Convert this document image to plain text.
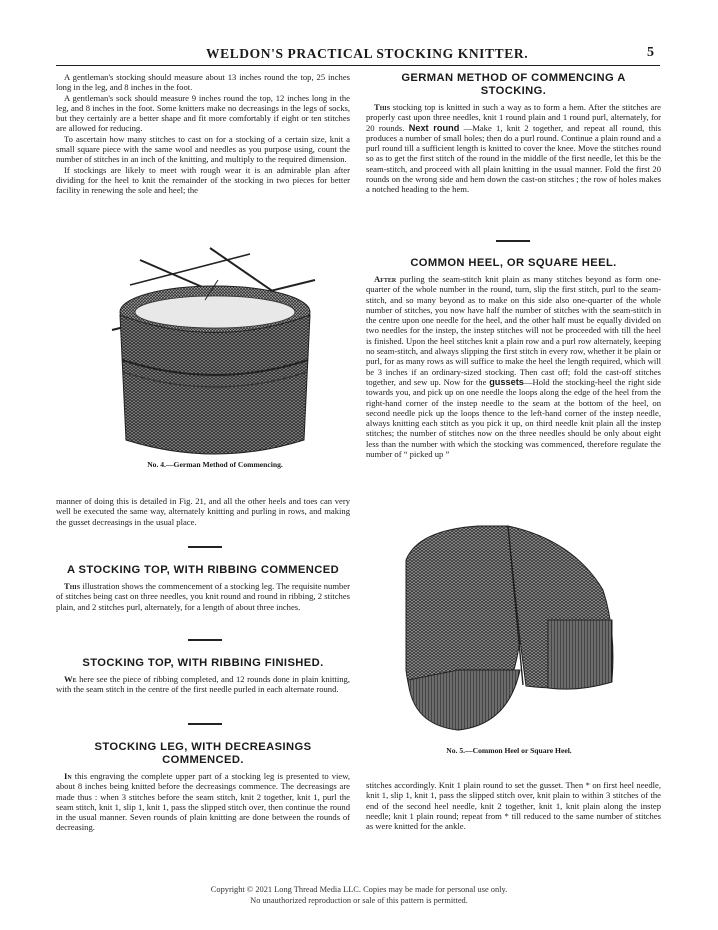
WELDON'S PRACTICAL STOCKING KNITTER.	5

A gentleman's stocking should measure about 13 inches round the top, 25 inches long in the leg, and 8 inches in the foot.

A gentleman's sock should measure 9 inches round the top, 12 inches long in the leg, and 8 inches in the foot. Some knitters make no decreasings in the legs of socks, but they certainly are a better shape and fit more comfortably if eight or ten stitches are allowed for reducing.

To ascertain how many stitches to cast on for a stocking of a certain size, knit a small square piece with the same wool and needles as you purpose using, count the number of stitches in an inch of the knitting, and multiply to the required dimension.

If stockings are likely to meet with rough wear it is an admirable plan after dividing for the heel to knit the remainder of the stocking in two pieces for better facility in renewing the sole and heel; the

No. 4.—German Method of Commencing.

manner of doing this is detailed in Fig. 21, and all the other heels and toes can very well be executed the same way, alternately knitting and purling in rows, and making the gusset decreasings in the usual place.

A STOCKING TOP, WITH RIBBING COMMENCED

This illustration shows the commencement of a stocking leg. The requisite number of stitches being cast on three needles, you knit round and round in ribbing, 2 stitches plain, and 2 stitches purl, alternately, for a length of about three inches.

STOCKING TOP, WITH RIBBING FINISHED.

We here see the piece of ribbing completed, and 12 rounds done in plain knitting, with the seam stitch in the centre of the first needle purled in each alternate round.

STOCKING LEG, WITH DECREASINGS COMMENCED.

In this engraving the complete upper part of a stocking leg is presented to view, about 8 inches being knitted before the decreasings commence. The decreasings are made thus : when 3 stitches before the seam stitch, knit 2 together, knit 1, purl the seam stitch, knit 1, slip 1, knit 1, pass the slipped stitch over, then continue the round in the usual manner. Seven rounds of plain knitting are done between the rounds of decreasing.

GERMAN METHOD OF COMMENCING A STOCKING.

This stocking top is knitted in such a way as to form a hem. After the stitches are properly cast upon three needles, knit 1 round plain and 1 round purl, alternately, for 20 rounds. Next round —Make 1, knit 2 together, and repeat all round, this produces a number of small holes; then do a purl round. Continue a plain round and a purl round till a sufficient length is knitted to cover the knee. Move the stitches round so as to get the first stitch of the round in the middle of the first needle, let this be the seam-stitch, and proceed with all plain knitting in the usual manner. Fold the first 20 rounds on the wrong side and hem down the cast-on stitches ; the row of holes makes a notched heading to the hem.

COMMON HEEL, OR SQUARE HEEL.

After purling the seam-stitch knit plain as many stitches beyond as form one-quarter of the whole number in the round, turn, slip the first stitch, purl to the seam-stitch, and so many beyond as to make on this side also one-quarter of the whole number of stitches, you now have half the number of stitches with the seam-stitch in the centre upon one needle for the heel, and the other half must be equally divided on two needles for the instep, the instep stitches will not be proceeded with till the heel is finished. Upon the heel stitches knit a plain row and a purl row alternately, keeping no seam-stitch, and always slipping the first stitch in every row, whether it be plain or purl, for as many rows as will suffice to make the heel the length required, which will be 3 inches if an ordinary-sized stocking. Then cast off; fold the cast-off stitches together, and sew up. Now for the gussets—Hold the stocking-heel the right side towards you, and pick up on one needle the loops along the edge of the heel from the right-hand corner of the instep needle to the seam at the bottom of the heel, on second needle pick up the loops thence to the left-hand corner of the instep needle, always knitting each stitch as you pick it up, on third needle knit plain all the instep stitches; the number of stitches now on the three needles should be only about eight less than the number with which the stocking was commenced, therefore regulate the number of “ picked up ”

No. 5.—Common Heel or Square Heel.

stitches accordingly. Knit 1 plain round to set the gusset. Then * on first heel needle, knit 1, slip 1, knit 1, pass the slipped stitch over, knit plain to within 3 stitches of the end of the second heel needle, knit 2 together, knit 1, knit plain along the instep needle; knit 1 plain round; repeat from * till reduced to the same number of stitches as were knitted for the ankle.

Copyright © 2021 Long Thread Media LLC. Copies may be made for personal use only.
No unauthorized reproduction or sale of this pattern is permitted.
